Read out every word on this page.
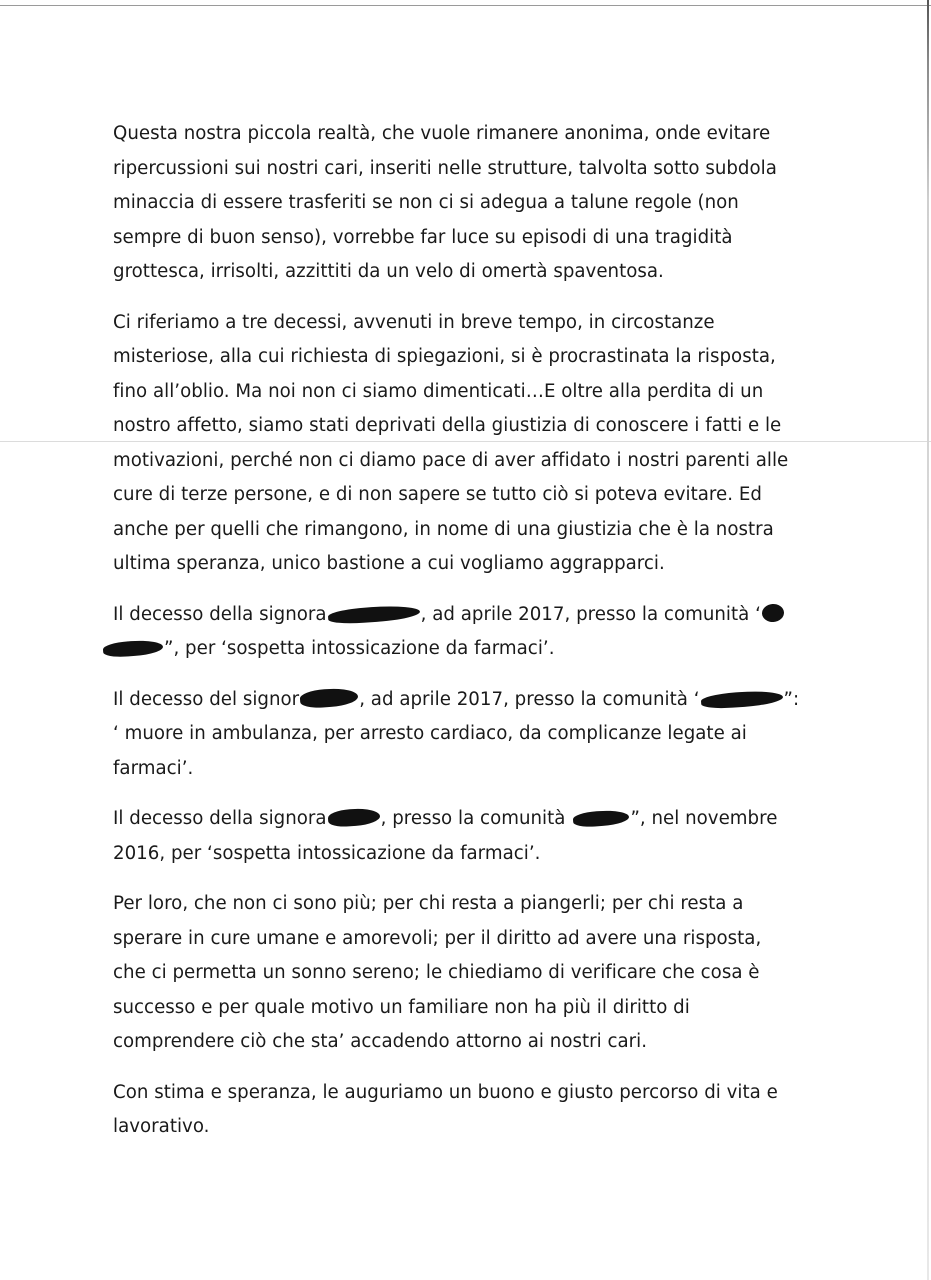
Questa nostra piccola realtà, che vuole rimanere anonima, onde evitare
ripercussioni sui nostri cari, inseriti nelle strutture, talvolta sotto subdola
minaccia di essere trasferiti se non ci si adegua a talune regole (non
sempre di buon senso), vorrebbe far luce su episodi di una tragidità
grottesca, irrisolti, azzittiti da un velo di omertà spaventosa.

Ci riferiamo a tre decessi, avvenuti in breve tempo, in circostanze
misteriose, alla cui richiesta di spiegazioni, si è procrastinata la risposta,
fino all’oblio. Ma noi non ci siamo dimenticati…E oltre alla perdita di un
nostro affetto, siamo stati deprivati della giustizia di conoscere i fatti e le
motivazioni, perché non ci diamo pace di aver affidato i nostri parenti alle
cure di terze persone, e di non sapere se tutto ciò si poteva evitare. Ed
anche per quelli che rimangono, in nome di una giustizia che è la nostra
ultima speranza, unico bastione a cui vogliamo aggrapparci.

Il decesso della signora	, ad aprile 2017, presso la comunità ‘
”, per ‘sospetta intossicazione da farmaci’.

Il decesso del signor	, ad aprile 2017, presso la comunità ‘	”:
‘ muore in ambulanza, per arresto cardiaco, da complicanze legate ai
farmaci’.

Il decesso della signora	, presso la comunità	”, nel novembre
2016, per ‘sospetta intossicazione da farmaci’.

Per loro, che non ci sono più; per chi resta a piangerli; per chi resta a
sperare in cure umane e amorevoli; per il diritto ad avere una risposta,
che ci permetta un sonno sereno; le chiediamo di verificare che cosa è
successo e per quale motivo un familiare non ha più il diritto di
comprendere ciò che sta’ accadendo attorno ai nostri cari.

Con stima e speranza, le auguriamo un buono e giusto percorso di vita e
lavorativo.
